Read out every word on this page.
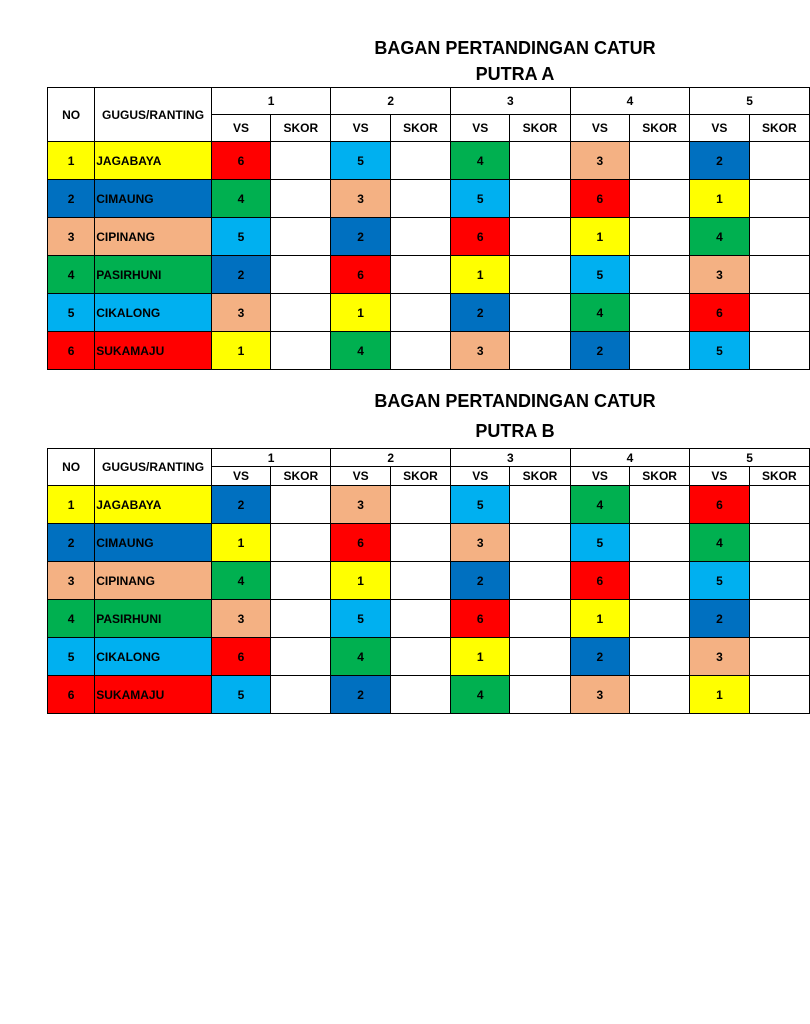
BAGAN PERTANDINGAN CATUR
PUTRA A
NO	GUGUS/RANTING	1		2		3		4		5	
		VS	SKOR	VS	SKOR	VS	SKOR	VS	SKOR	VS	SKOR
1	JAGABAYA	6		5		4		3		2	
2	CIMAUNG	4		3		5		6		1	
3	CIPINANG	5		2		6		1		4	
4	PASIRHUNI	2		6		1		5		3	
5	CIKALONG	3		1		2		4		6	
6	SUKAMAJU	1		4		3		2		5	
BAGAN PERTANDINGAN CATUR
PUTRA B
NO	GUGUS/RANTING	1		2		3		4		5	
		VS	SKOR	VS	SKOR	VS	SKOR	VS	SKOR	VS	SKOR
1	JAGABAYA	2		3		5		4		6	
2	CIMAUNG	1		6		3		5		4	
3	CIPINANG	4		1		2		6		5	
4	PASIRHUNI	3		5		6		1		2	
5	CIKALONG	6		4		1		2		3	
6	SUKAMAJU	5		2		4		3		1	
